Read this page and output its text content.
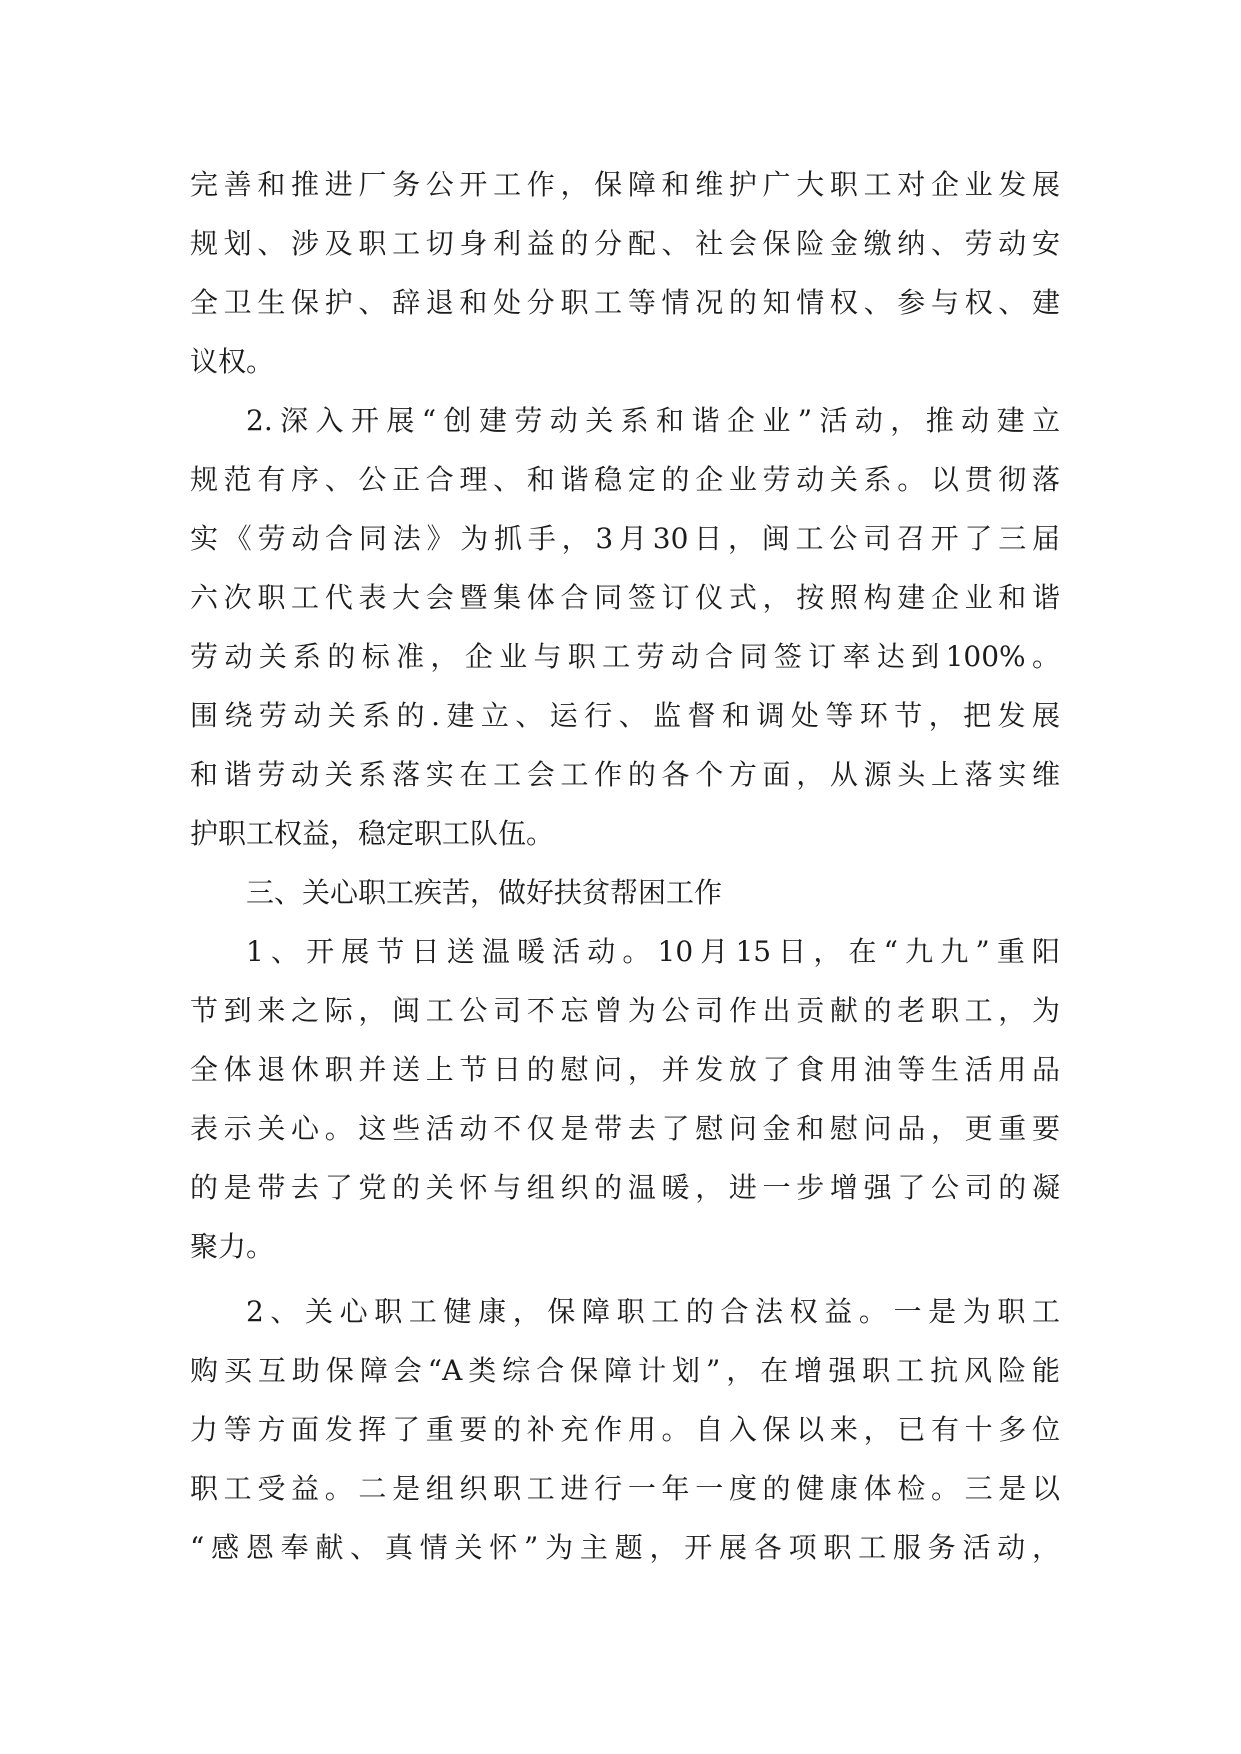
完善和推进厂务公开工作，保障和维护广大职工对企业发展
规划、涉及职工切身利益的分配、社会保险金缴纳、劳动安
全卫生保护、辞退和处分职工等情况的知情权、参与权、建
议权。
2.深入开展“创建劳动关系和谐企业”活动，推动建立
规范有序、公正合理、和谐稳定的企业劳动关系。以贯彻落
实《劳动合同法》为抓手，3月30日，闽工公司召开了三届
六次职工代表大会暨集体合同签订仪式，按照构建企业和谐
劳动关系的标准，企业与职工劳动合同签订率达到100%。
围绕劳动关系的.建立、运行、监督和调处等环节，把发展
和谐劳动关系落实在工会工作的各个方面，从源头上落实维
护职工权益，稳定职工队伍。
三、关心职工疾苦，做好扶贫帮困工作
1、开展节日送温暖活动。10月15日，在“九九”重阳
节到来之际，闽工公司不忘曾为公司作出贡献的老职工，为
全体退休职并送上节日的慰问，并发放了食用油等生活用品
表示关心。这些活动不仅是带去了慰问金和慰问品，更重要
的是带去了党的关怀与组织的温暖，进一步增强了公司的凝
聚力。
2、关心职工健康，保障职工的合法权益。一是为职工
购买互助保障会“A类综合保障计划”，在增强职工抗风险能
力等方面发挥了重要的补充作用。自入保以来，已有十多位
职工受益。二是组织职工进行一年一度的健康体检。三是以
“感恩奉献、真情关怀”为主题，开展各项职工服务活动，
